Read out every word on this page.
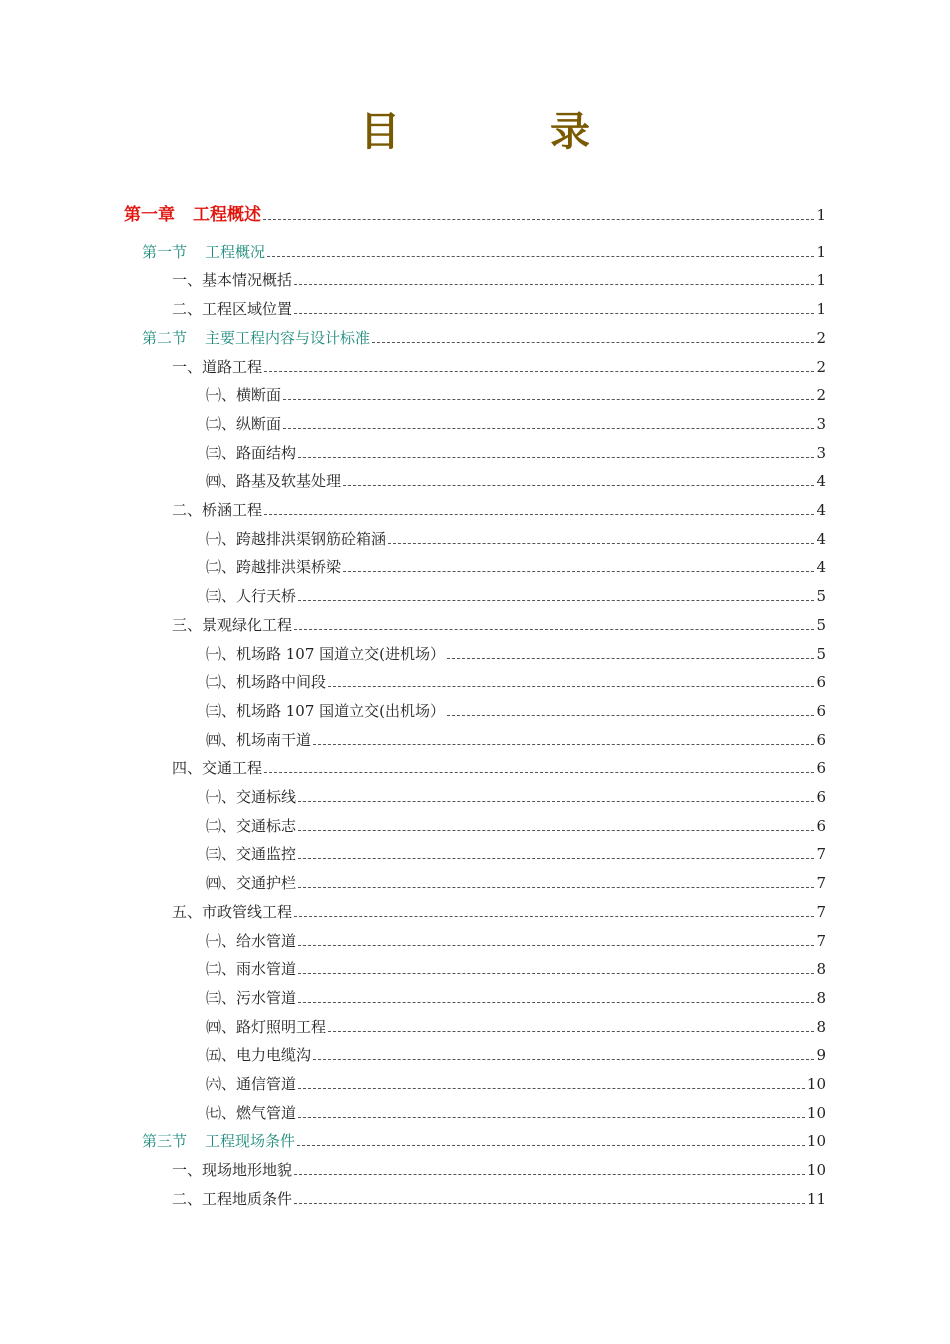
目	录
第一章 工程概述	1
第一节 工程概况	1
一、基本情况概括	1
二、工程区域位置	1
第二节 主要工程内容与设计标准	2
一、道路工程	2
㈠、横断面	2
㈡、纵断面	3
㈢、路面结构	3
㈣、路基及软基处理	4
二、桥涵工程	4
㈠、跨越排洪渠钢筋砼箱涵	4
㈡、跨越排洪渠桥梁	4
㈢、人行天桥	5
三、景观绿化工程	5
㈠、机场路 107 国道立交(进机场）	5
㈡、机场路中间段	6
㈢、机场路 107 国道立交(出机场）	6
㈣、机场南干道	6
四、交通工程	6
㈠、交通标线	6
㈡、交通标志	6
㈢、交通监控	7
㈣、交通护栏	7
五、市政管线工程	7
㈠、给水管道	7
㈡、雨水管道	8
㈢、污水管道	8
㈣、路灯照明工程	8
㈤、电力电缆沟	9
㈥、通信管道	10
㈦、燃气管道	10
第三节 工程现场条件	10
一、现场地形地貌	10
二、工程地质条件	11
